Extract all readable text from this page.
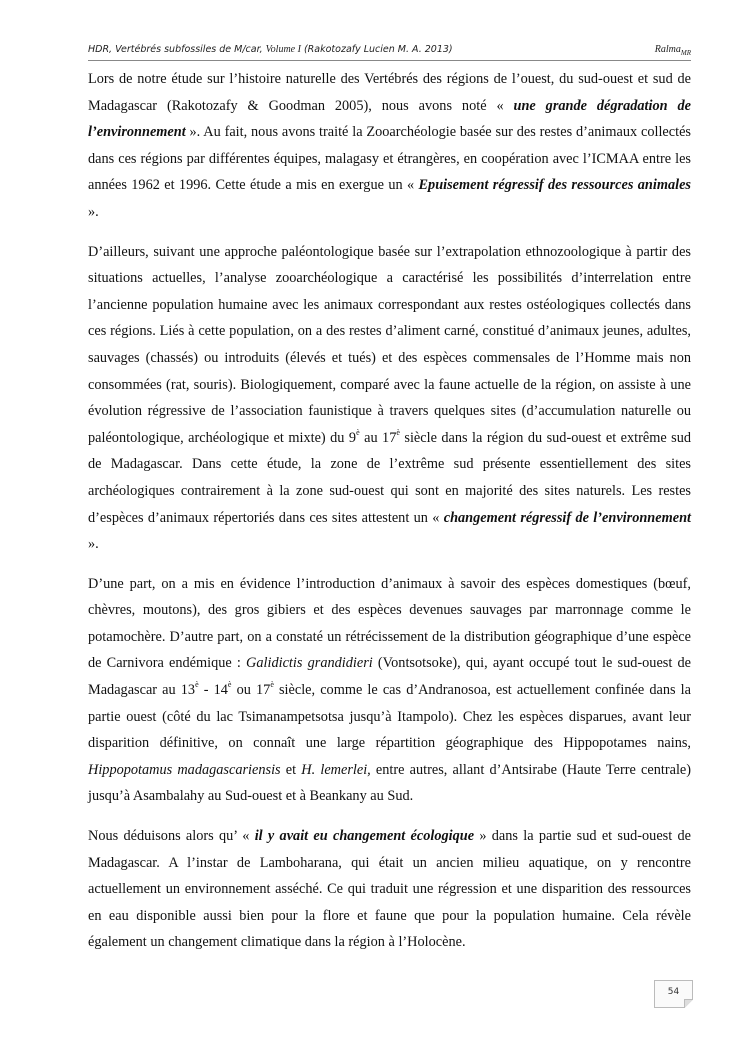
HDR, Vertébrés subfossiles de M/car, Volume I (Rakotozafy Lucien M. A. 2013)	Ralma$_{MR}$

Lors de notre étude sur l’histoire naturelle des Vertébrés des régions de l’ouest, du sud-ouest et sud de Madagascar (Rakotozafy & Goodman 2005), nous avons noté « une grande dégradation de l’environnement ». Au fait, nous avons traité la Zooarchéologie basée sur des restes d’animaux collectés dans ces régions par différentes équipes, malagasy et étrangères, en coopération avec l’ICMAA entre les années 1962 et 1996. Cette étude a mis en exergue un « Epuisement régressif des ressources animales ».

D’ailleurs, suivant une approche paléontologique basée sur l’extrapolation ethnozoologique à partir des situations actuelles, l’analyse zooarchéologique a caractérisé les possibilités d’interrelation entre l’ancienne population humaine avec les animaux correspondant aux restes ostéologiques collectés dans ces régions. Liés à cette population, on a des restes d’aliment carné, constitué d’animaux jeunes, adultes, sauvages (chassés) ou introduits (élevés et tués) et des espèces commensales de l’Homme mais non consommées (rat, souris). Biologiquement, comparé avec la faune actuelle de la région, on assiste à une évolution régressive de l’association faunistique à travers quelques sites (d’accumulation naturelle ou paléontologique, archéologique et mixte) du $9^è$ au $17^è$ siècle dans la région du sud-ouest et extrême sud de Madagascar. Dans cette étude, la zone de l’extrême sud présente essentiellement des sites archéologiques contrairement à la zone sud-ouest qui sont en majorité des sites naturels. Les restes d’espèces d’animaux répertoriés dans ces sites attestent un « changement régressif de l’environnement ».

D’une part, on a mis en évidence l’introduction d’animaux à savoir des espèces domestiques (bœuf, chèvres, moutons), des gros gibiers et des espèces devenues sauvages par marronnage comme le potamochère. D’autre part, on a constaté un rétrécissement de la distribution géographique d’une espèce de Carnivora endémique : Galidictis grandidieri (Vontsotsoke), qui, ayant occupé tout le sud-ouest de Madagascar au $13^è - 14^è$ ou $17^è$ siècle, comme le cas d’Andranosoa, est actuellement confinée dans la partie ouest (côté du lac Tsimanampetsotsa jusqu’à Itampolo). Chez les espèces disparues, avant leur disparition définitive, on connaît une large répartition géographique des Hippopotames nains, Hippopotamus madagascariensis et H. lemerlei, entre autres, allant d’Antsirabe (Haute Terre centrale) jusqu’à Asambalahy au Sud-ouest et à Beankany au Sud.

Nous déduisons alors qu’ « il y avait eu changement écologique » dans la partie sud et sud-ouest de Madagascar. A l’instar de Lamboharana, qui était un ancien milieu aquatique, on y rencontre actuellement un environnement asséché. Ce qui traduit une régression et une disparition des ressources en eau disponible aussi bien pour la flore et faune que pour la population humaine. Cela révèle également un changement climatique dans la région à l’Holocène.

54
